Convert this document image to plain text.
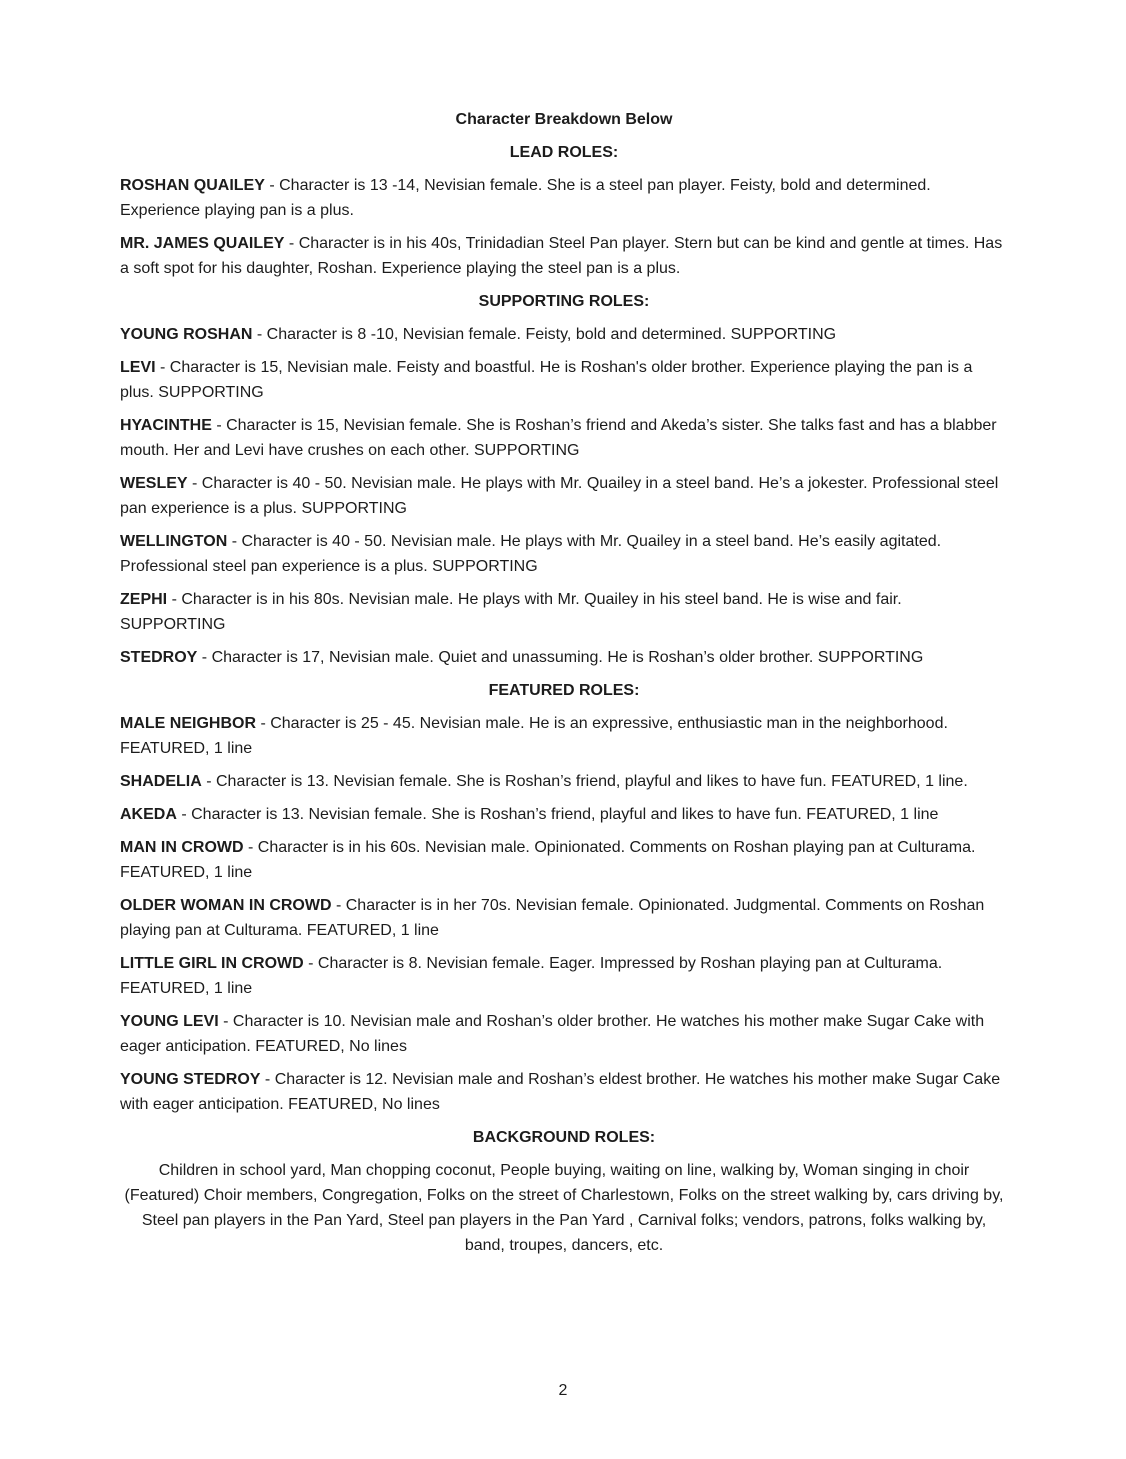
Character Breakdown Below

LEAD ROLES:

ROSHAN QUAILEY - Character is 13 -14, Nevisian female. She is a steel pan player. Feisty, bold and determined. Experience playing pan is a plus.

MR. JAMES QUAILEY - Character is in his 40s, Trinidadian Steel Pan player. Stern but can be kind and gentle at times. Has a soft spot for his daughter, Roshan. Experience playing the steel pan is a plus.

SUPPORTING ROLES:

YOUNG ROSHAN - Character is 8 -10, Nevisian female. Feisty, bold and determined. SUPPORTING

LEVI - Character is 15, Nevisian male. Feisty and boastful. He is Roshan's older brother. Experience playing the pan is a plus. SUPPORTING

HYACINTHE - Character is 15, Nevisian female. She is Roshan’s friend and Akeda’s sister. She talks fast and has a blabber mouth. Her and Levi have crushes on each other. SUPPORTING

WESLEY - Character is 40 - 50. Nevisian male. He plays with Mr. Quailey in a steel band. He’s a jokester. Professional steel pan experience is a plus. SUPPORTING

WELLINGTON - Character is 40 - 50. Nevisian male. He plays with Mr. Quailey in a steel band. He’s easily agitated. Professional steel pan experience is a plus. SUPPORTING

ZEPHI - Character is in his 80s. Nevisian male. He plays with Mr. Quailey in his steel band. He is wise and fair. SUPPORTING

STEDROY - Character is 17, Nevisian male. Quiet and unassuming. He is Roshan’s older brother. SUPPORTING

FEATURED ROLES:

MALE NEIGHBOR - Character is 25 - 45. Nevisian male. He is an expressive, enthusiastic man in the neighborhood. FEATURED, 1 line

SHADELIA - Character is 13. Nevisian female. She is Roshan’s friend, playful and likes to have fun. FEATURED, 1 line.

AKEDA - Character is 13. Nevisian female. She is Roshan’s friend, playful and likes to have fun. FEATURED, 1 line

MAN IN CROWD - Character is in his 60s. Nevisian male. Opinionated. Comments on Roshan playing pan at Culturama. FEATURED, 1 line

OLDER WOMAN IN CROWD - Character is in her 70s. Nevisian female. Opinionated. Judgmental. Comments on Roshan playing pan at Culturama. FEATURED, 1 line

LITTLE GIRL IN CROWD - Character is 8. Nevisian female. Eager. Impressed by Roshan playing pan at Culturama. FEATURED, 1 line

YOUNG LEVI - Character is 10. Nevisian male and Roshan’s older brother. He watches his mother make Sugar Cake with eager anticipation. FEATURED, No lines

YOUNG STEDROY - Character is 12. Nevisian male and Roshan’s eldest brother. He watches his mother make Sugar Cake with eager anticipation. FEATURED, No lines

BACKGROUND ROLES:

Children in school yard, Man chopping coconut, People buying, waiting on line, walking by, Woman singing in choir (Featured) Choir members, Congregation, Folks on the street of Charlestown, Folks on the street walking by, cars driving by, Steel pan players in the Pan Yard, Steel pan players in the Pan Yard , Carnival folks; vendors, patrons, folks walking by, band, troupes, dancers, etc.

2
